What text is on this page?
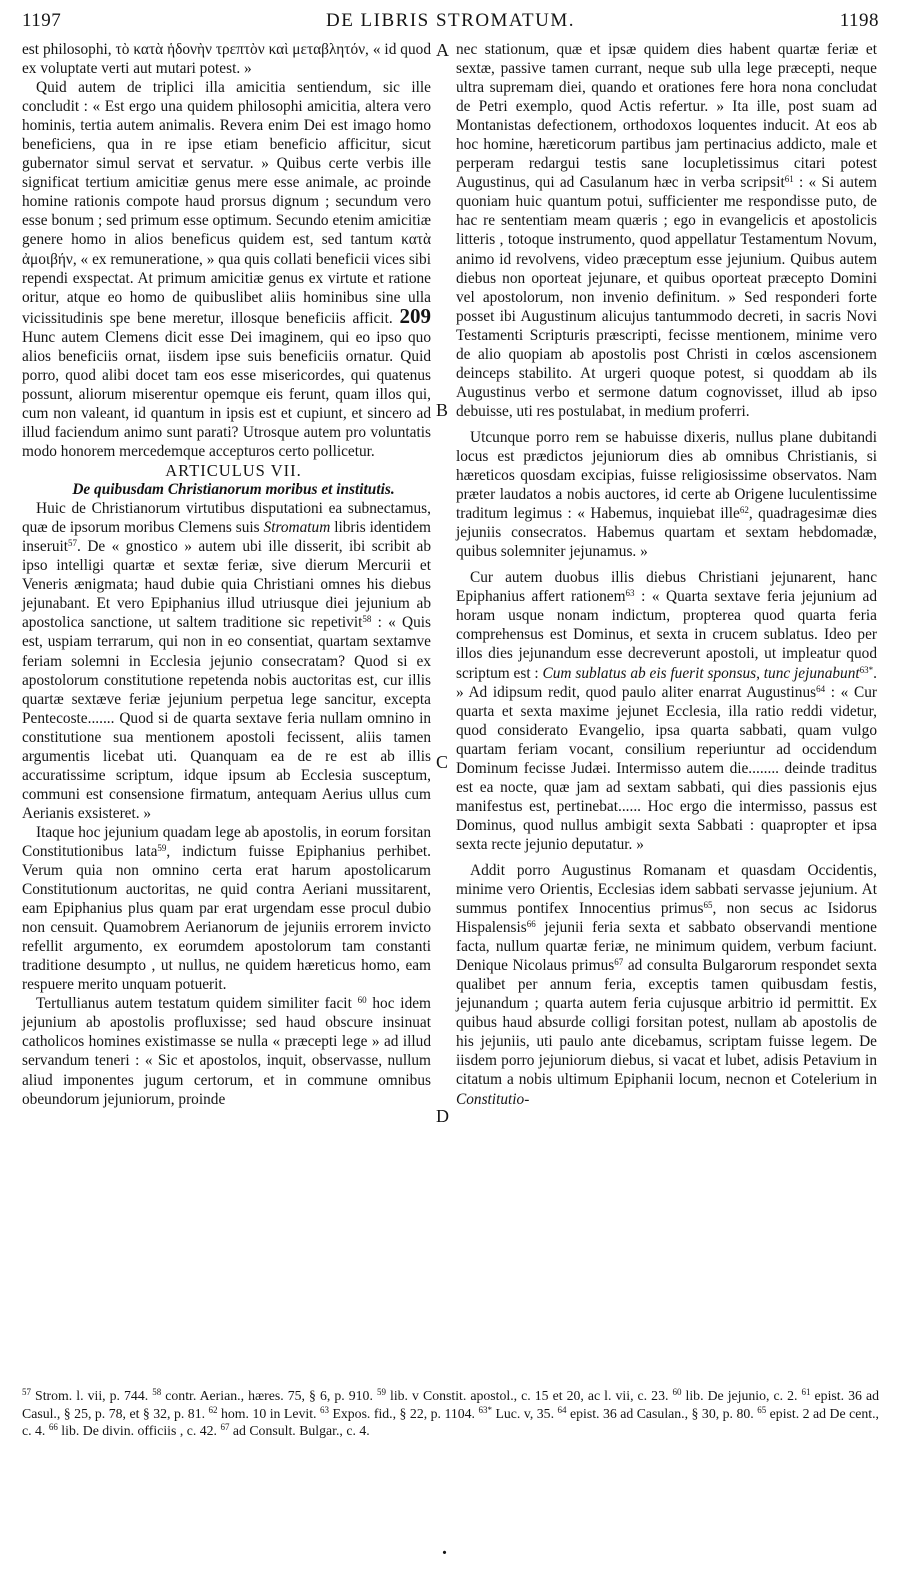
1197	DE LIBRIS STROMATUM.	1198
A
B
C
D

est philosophi, τὸ κατὰ ἡδονὴν τρεπτὸν καὶ μεταβλητόν, « id quod ex voluptate verti aut mutari potest. »

Quid autem de triplici illa amicitia sentiendum, sic ille concludit : « Est ergo una quidem philosophi amicitia, altera vero hominis, tertia autem animalis. Revera enim Dei est imago homo beneficiens, qua in re ipse etiam beneficio afficitur, sicut gubernator simul servat et servatur. » Quibus certe verbis ille significat tertium amicitiæ genus mere esse animale, ac proinde homine rationis compote haud prorsus dignum ; secundum vero esse bonum ; sed primum esse optimum. Secundo etenim amicitiæ genere homo in alios beneficus quidem est, sed tantum κατὰ ἀμοιβήν, « ex remuneratione, » qua quis collati beneficii vices sibi rependi exspectat. At primum amicitiæ genus ex virtute et ratione oritur, atque eo homo de quibuslibet aliis hominibus sine ulla vicissitudinis spe bene meretur, illosque beneficiis afficit. 209 Hunc autem Clemens dicit esse Dei imaginem, qui eo ipso quo alios beneficiis ornat, iisdem ipse suis beneficiis ornatur. Quid porro, quod alibi docet tam eos esse misericordes, qui quatenus possunt, aliorum miserentur opemque eis ferunt, quam illos qui, cum non valeant, id quantum in ipsis est et cupiunt, et sincero ad illud faciendum animo sunt parati? Utrosque autem pro voluntatis modo honorem mercedemque accepturos certo pollicetur.

ARTICULUS VII.

De quibusdam Christianorum moribus et institutis.

Huic de Christianorum virtutibus disputationi ea subnectamus, quæ de ipsorum moribus Clemens suis Stromatum libris identidem inseruit$^{57}$. De « gnostico » autem ubi ille disserit, ibi scribit ab ipso intelligi quartæ et sextæ feriæ, sive dierum Mercurii et Veneris ænigmata; haud dubie quia Christiani omnes his diebus jejunabant. Et vero Epiphanius illud utriusque diei jejunium ab apostolica sanctione, ut saltem traditione sic repetivit$^{58}$ : « Quis est, uspiam terrarum, qui non in eo consentiat, quartam sextamve feriam solemni in Ecclesia jejunio consecratam? Quod si ex apostolorum constitutione repetenda nobis auctoritas est, cur illis quartæ sextæve feriæ jejunium perpetua lege sancitur, excepta Pentecoste....... Quod si de quarta sextave feria nullam omnino in constitutione sua mentionem apostoli fecissent, aliis tamen argumentis licebat uti. Quanquam ea de re est ab illis accuratissime scriptum, idque ipsum ab Ecclesia susceptum, communi est consensione firmatum, antequam Aerius ullus cum Aerianis exsisteret. »

Itaque hoc jejunium quadam lege ab apostolis, in eorum forsitan Constitutionibus lata$^{59}$, indictum fuisse Epiphanius perhibet. Verum quia non omnino certa erat harum apostolicarum Constitutionum auctoritas, ne quid contra Aeriani mussitarent, eam Epiphanius plus quam par erat urgendam esse procul dubio non censuit. Quamobrem Aerianorum de jejuniis errorem invicto refellit argumento, ex eorumdem apostolorum tam constanti traditione desumpto , ut nullus, ne quidem hæreticus homo, eam respuere merito unquam potuerit.

Tertullianus autem testatum quidem similiter facit $^{60}$ hoc idem jejunium ab apostolis profluxisse; sed haud obscure insinuat catholicos homines existimasse se nulla « præcepti lege » ad illud servandum teneri : « Sic et apostolos, inquit, observasse, nullum aliud imponentes jugum certorum, et in commune omnibus obeundorum jejuniorum, proinde

nec stationum, quæ et ipsæ quidem dies habent quartæ feriæ et sextæ, passive tamen currant, neque sub ulla lege præcepti, neque ultra supremam diei, quando et orationes fere hora nona concludat de Petri exemplo, quod Actis refertur. » Ita ille, post suam ad Montanistas defectionem, orthodoxos loquentes inducit. At eos ab hoc homine, hæreticorum partibus jam pertinacius addicto, male et perperam redargui testis sane locupletissimus citari potest Augustinus, qui ad Casulanum hæc in verba scripsit$^{61}$ : « Si autem quoniam huic quantum potui, sufficienter me respondisse puto, de hac re sententiam meam quæris ; ego in evangelicis et apostolicis litteris , totoque instrumento, quod appellatur Testamentum Novum, animo id revolvens, video præceptum esse jejunium. Quibus autem diebus non oporteat jejunare, et quibus oporteat præcepto Domini vel apostolorum, non invenio definitum. » Sed responderi forte posset ibi Augustinum alicujus tantummodo decreti, in sacris Novi Testamenti Scripturis præscripti, fecisse mentionem, minime vero de alio quopiam ab apostolis post Christi in cœlos ascensionem deinceps stabilito. At urgeri quoque potest, si quoddam ab ils Augustinus verbo et sermone datum cognovisset, illud ab ipso debuisse, uti res postulabat, in medium proferri.

Utcunque porro rem se habuisse dixeris, nullus plane dubitandi locus est prædictos jejuniorum dies ab omnibus Christianis, si hæreticos quosdam excipias, fuisse religiosissime observatos. Nam præter laudatos a nobis auctores, id certe ab Origene luculentissime traditum legimus : « Habemus, inquiebat ille$^{62}$, quadragesimæ dies jejuniis consecratos. Habemus quartam et sextam hebdomadæ, quibus solemniter jejunamus. »

Cur autem duobus illis diebus Christiani jejunarent, hanc Epiphanius affert rationem$^{63}$ : « Quarta sextave feria jejunium ad horam usque nonam indictum, propterea quod quarta feria comprehensus est Dominus, et sexta in crucem sublatus. Ideo per illos dies jejunandum esse decreverunt apostoli, ut impleatur quod scriptum est : Cum sublatus ab eis fuerit sponsus, tunc jejunabunt$^{63*}$. » Ad idipsum redit, quod paulo aliter enarrat Augustinus$^{64}$ : « Cur quarta et sexta maxime jejunet Ecclesia, illa ratio reddi videtur, quod considerato Evangelio, ipsa quarta sabbati, quam vulgo quartam feriam vocant, consilium reperiuntur ad occidendum Dominum fecisse Judæi. Intermisso autem die........ deinde traditus est ea nocte, quæ jam ad sextam sabbati, qui dies passionis ejus manifestus est, pertinebat...... Hoc ergo die intermisso, passus est Dominus, quod nullus ambigit sexta Sabbati : quapropter et ipsa sexta recte jejunio deputatur. »

Addit porro Augustinus Romanam et quasdam Occidentis, minime vero Orientis, Ecclesias idem sabbati servasse jejunium. At summus pontifex Innocentius primus$^{65}$, non secus ac Isidorus Hispalensis$^{66}$ jejunii feria sexta et sabbato observandi mentione facta, nullum quartæ feriæ, ne minimum quidem, verbum faciunt. Denique Nicolaus primus$^{67}$ ad consulta Bulgarorum respondet sexta qualibet per annum feria, exceptis tamen quibusdam festis, jejunandum ; quarta autem feria cujusque arbitrio id permittit. Ex quibus haud absurde colligi forsitan potest, nullam ab apostolis de his jejuniis, uti paulo ante dicebamus, scriptam fuisse legem. De iisdem porro jejuniorum diebus, si vacat et lubet, adisis Petavium in citatum a nobis ultimum Epiphanii locum, necnon et Cotelerium in Constitutio-

$^{57}$ Strom. l. vii, p. 744. $^{58}$ contr. Aerian., hæres. 75, § 6, p. 910. $^{59}$ lib. v Constit. apostol., c. 15 et 20, ac l. vii, c. 23. $^{60}$ lib. De jejunio, c. 2. $^{61}$ epist. 36 ad Casul., § 25, p. 78, et § 32, p. 81. $^{62}$ hom. 10 in Levit. $^{63}$ Expos. fid., § 22, p. 1104. $^{63*}$ Luc. v, 35. $^{64}$ epist. 36 ad Casulan., § 30, p. 80. $^{65}$ epist. 2 ad De cent., c. 4. $^{66}$ lib. De divin. officiis , c. 42. $^{67}$ ad Consult. Bulgar., c. 4.
.
